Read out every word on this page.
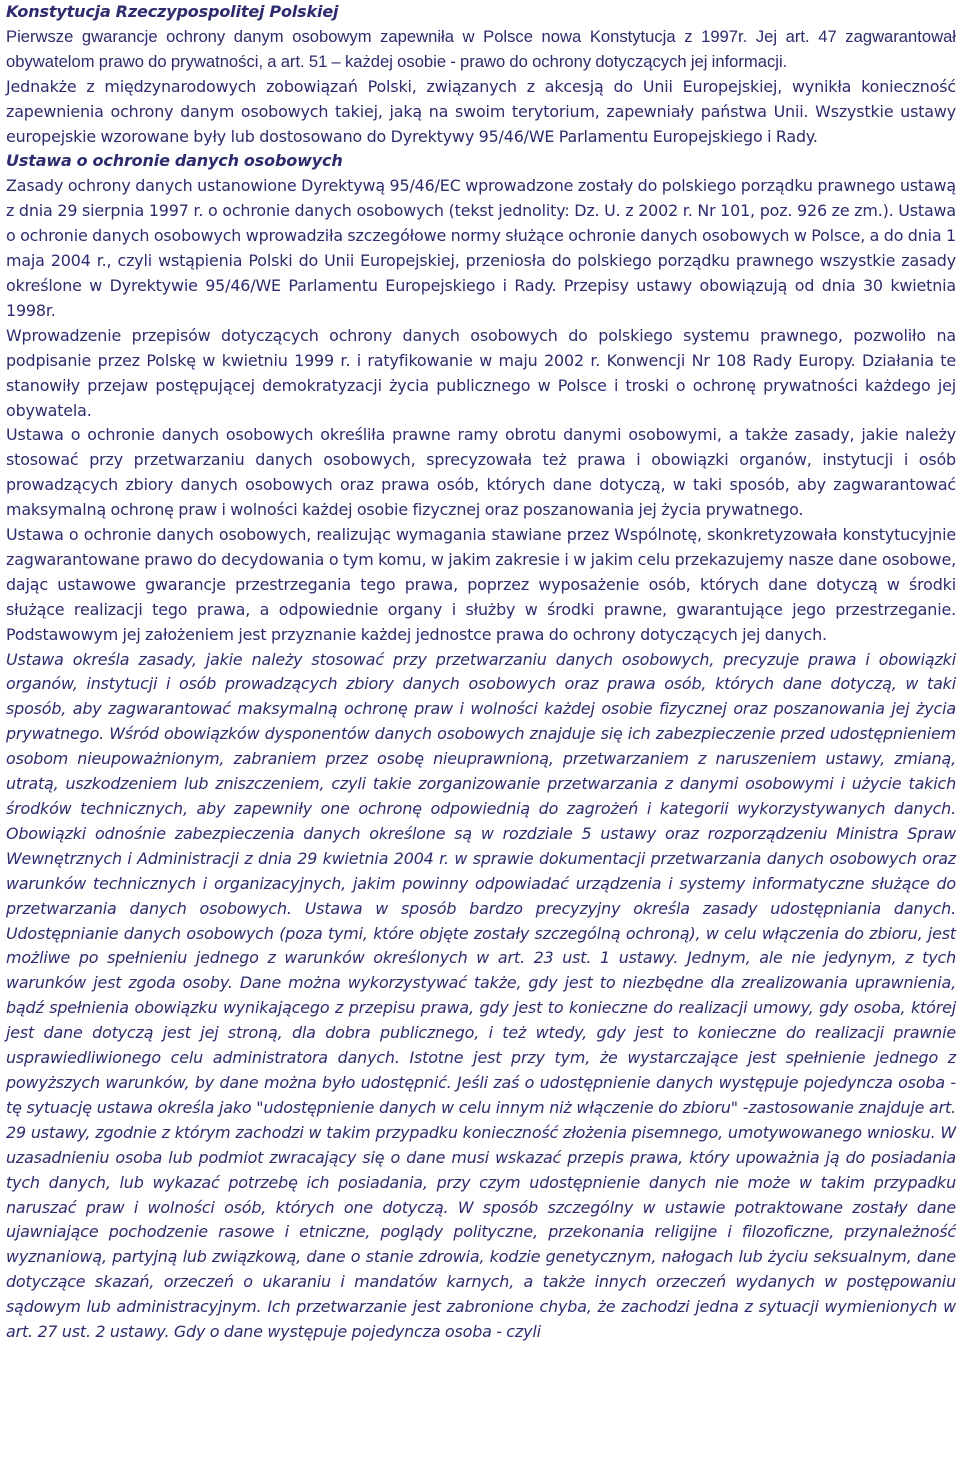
Konstytucja Rzeczypospolitej Polskiej

Pierwsze gwarancje ochrony danym osobowym zapewniła w Polsce nowa Konstytucja z 1997r. Jej art. 47 zagwarantował obywatelom prawo do prywatności, a art. 51 – każdej osobie - prawo do ochrony dotyczących jej informacji.

Jednakże z międzynarodowych zobowiązań Polski, związanych z akcesją do Unii Europejskiej, wynikła konieczność zapewnienia ochrony danym osobowych takiej, jaką na swoim terytorium, zapewniały państwa Unii. Wszystkie ustawy europejskie wzorowane były lub dostosowano do Dyrektywy 95/46/WE Parlamentu Europejskiego i Rady.

Ustawa o ochronie danych osobowych

Zasady ochrony danych ustanowione Dyrektywą 95/46/EC wprowadzone zostały do polskiego porządku prawnego ustawą z dnia 29 sierpnia 1997 r. o ochronie danych osobowych (tekst jednolity: Dz. U. z 2002 r. Nr 101, poz. 926 ze zm.). Ustawa o ochronie danych osobowych wprowadziła szczegółowe normy służące ochronie danych osobowych w Polsce, a do dnia 1 maja 2004 r., czyli wstąpienia Polski do Unii Europejskiej, przeniosła do polskiego porządku prawnego wszystkie zasady określone w Dyrektywie 95/46/WE Parlamentu Europejskiego i Rady. Przepisy ustawy obowiązują od dnia 30 kwietnia 1998r.

Wprowadzenie przepisów dotyczących ochrony danych osobowych do polskiego systemu prawnego, pozwoliło na podpisanie przez Polskę w kwietniu 1999 r. i ratyfikowanie w maju 2002 r. Konwencji Nr 108 Rady Europy. Działania te stanowiły przejaw postępującej demokratyzacji życia publicznego w Polsce i troski o ochronę prywatności każdego jej obywatela.

Ustawa o ochronie danych osobowych określiła prawne ramy obrotu danymi osobowymi, a także zasady, jakie należy stosować przy przetwarzaniu danych osobowych, sprecyzowała też prawa i obowiązki organów, instytucji i osób prowadzących zbiory danych osobowych oraz prawa osób, których dane dotyczą, w taki sposób, aby zagwarantować maksymalną ochronę praw i wolności każdej osobie fizycznej oraz poszanowania jej życia prywatnego.

Ustawa o ochronie danych osobowych, realizując wymagania stawiane przez Wspólnotę, skonkretyzowała konstytucyjnie zagwarantowane prawo do decydowania o tym komu, w jakim zakresie i w jakim celu przekazujemy nasze dane osobowe, dając ustawowe gwarancje przestrzegania tego prawa, poprzez wyposażenie osób, których dane dotyczą w środki służące realizacji tego prawa, a odpowiednie organy i służby w środki prawne, gwarantujące jego przestrzeganie. Podstawowym jej założeniem jest przyznanie każdej jednostce prawa do ochrony dotyczących jej danych.

Ustawa określa zasady, jakie należy stosować przy przetwarzaniu danych osobowych, precyzuje prawa i obowiązki organów, instytucji i osób prowadzących zbiory danych osobowych oraz prawa osób, których dane dotyczą, w taki sposób, aby zagwarantować maksymalną ochronę praw i wolności każdej osobie fizycznej oraz poszanowania jej życia prywatnego. Wśród obowiązków dysponentów danych osobowych znajduje się ich zabezpieczenie przed udostępnieniem osobom nieupoważnionym, zabraniem przez osobę nieuprawnioną, przetwarzaniem z naruszeniem ustawy, zmianą, utratą, uszkodzeniem lub zniszczeniem, czyli takie zorganizowanie przetwarzania z danymi osobowymi i użycie takich środków technicznych, aby zapewniły one ochronę odpowiednią do zagrożeń i kategorii wykorzystywanych danych. Obowiązki odnośnie zabezpieczenia danych określone są w rozdziale 5 ustawy oraz rozporządzeniu Ministra Spraw Wewnętrznych i Administracji z dnia 29 kwietnia 2004 r. w sprawie dokumentacji przetwarzania danych osobowych oraz warunków technicznych i organizacyjnych, jakim powinny odpowiadać urządzenia i systemy informatyczne służące do przetwarzania danych osobowych. Ustawa w sposób bardzo precyzyjny określa zasady udostępniania danych. Udostępnianie danych osobowych (poza tymi, które objęte zostały szczególną ochroną), w celu włączenia do zbioru, jest możliwe po spełnieniu jednego z warunków określonych w art. 23 ust. 1 ustawy. Jednym, ale nie jedynym, z tych warunków jest zgoda osoby. Dane można wykorzystywać także, gdy jest to niezbędne dla zrealizowania uprawnienia, bądź spełnienia obowiązku wynikającego z przepisu prawa, gdy jest to konieczne do realizacji umowy, gdy osoba, której jest dane dotyczą jest jej stroną, dla dobra publicznego, i też wtedy, gdy jest to konieczne do realizacji prawnie usprawiedliwionego celu administratora danych. Istotne jest przy tym, że wystarczające jest spełnienie jednego z powyższych warunków, by dane można było udostępnić. Jeśli zaś o udostępnienie danych występuje pojedyncza osoba -tę sytuację ustawa określa jako "udostępnienie danych w celu innym niż włączenie do zbioru" -zastosowanie znajduje art. 29 ustawy, zgodnie z którym zachodzi w takim przypadku konieczność złożenia pisemnego, umotywowanego wniosku. W uzasadnieniu osoba lub podmiot zwracający się o dane musi wskazać przepis prawa, który upoważnia ją do posiadania tych danych, lub wykazać potrzebę ich posiadania, przy czym udostępnienie danych nie może w takim przypadku naruszać praw i wolności osób, których one dotyczą. W sposób szczególny w ustawie potraktowane zostały dane ujawniające pochodzenie rasowe i etniczne, poglądy polityczne, przekonania religijne i filozoficzne, przynależność wyznaniową, partyjną lub związkową, dane o stanie zdrowia, kodzie genetycznym, nałogach lub życiu seksualnym, dane dotyczące skazań, orzeczeń o ukaraniu i mandatów karnych, a także innych orzeczeń wydanych w postępowaniu sądowym lub administracyjnym. Ich przetwarzanie jest zabronione chyba, że zachodzi jedna z sytuacji wymienionych w art. 27 ust. 2 ustawy. Gdy o dane występuje pojedyncza osoba - czyli
